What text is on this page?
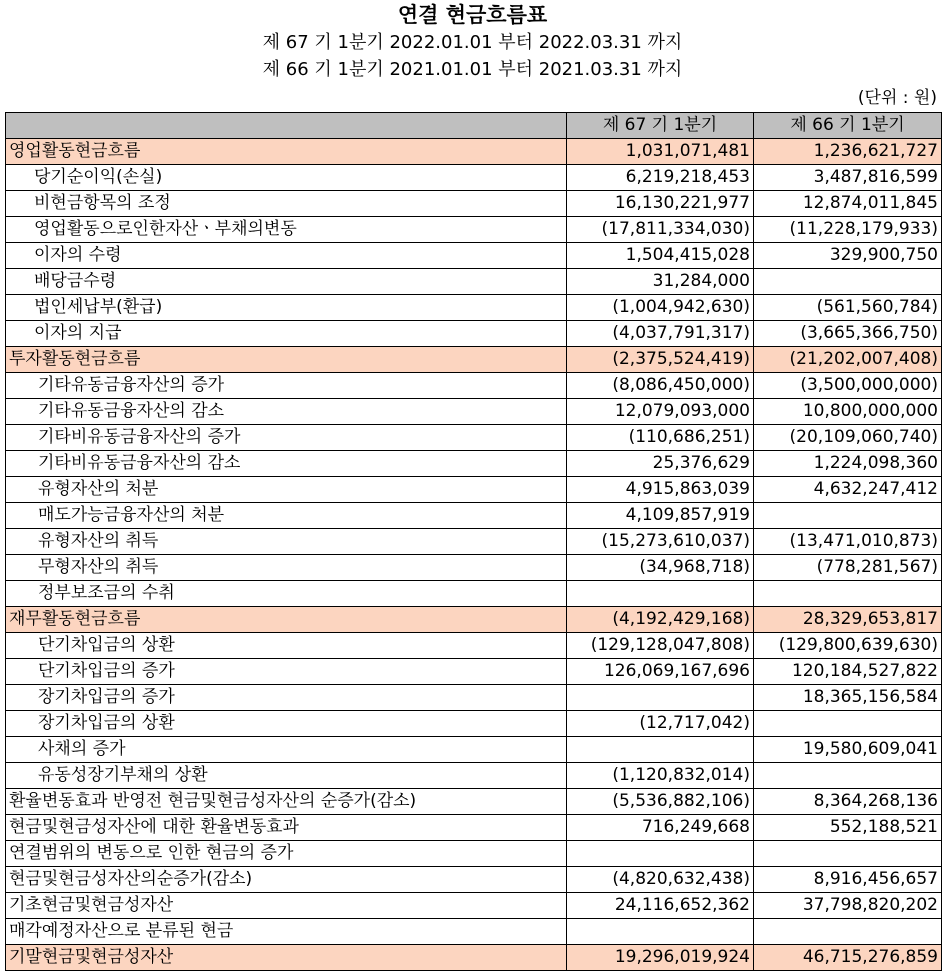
연결 현금흐름표
제 67 기 1분기 2022.01.01 부터 2022.03.31 까지
제 66 기 1분기 2021.01.01 부터 2021.03.31 까지
(단위 : 원)
	제 67 기 1분기	제 66 기 1분기
영업활동현금흐름	1,031,071,481	1,236,621,727
당기순이익(손실)	6,219,218,453	3,487,816,599
비현금항목의 조정	16,130,221,977	12,874,011,845
영업활동으로인한자산ㆍ부채의변동	(17,811,334,030)	(11,228,179,933)
이자의 수령	1,504,415,028	329,900,750
배당금수령	31,284,000	
법인세납부(환급)	(1,004,942,630)	(561,560,784)
이자의 지급	(4,037,791,317)	(3,665,366,750)
투자활동현금흐름	(2,375,524,419)	(21,202,007,408)
기타유동금융자산의 증가	(8,086,450,000)	(3,500,000,000)
기타유동금융자산의 감소	12,079,093,000	10,800,000,000
기타비유동금융자산의 증가	(110,686,251)	(20,109,060,740)
기타비유동금융자산의 감소	25,376,629	1,224,098,360
유형자산의 처분	4,915,863,039	4,632,247,412
매도가능금융자산의 처분	4,109,857,919	
유형자산의 취득	(15,273,610,037)	(13,471,010,873)
무형자산의 취득	(34,968,718)	(778,281,567)
정부보조금의 수취		
재무활동현금흐름	(4,192,429,168)	28,329,653,817
단기차입금의 상환	(129,128,047,808)	(129,800,639,630)
단기차입금의 증가	126,069,167,696	120,184,527,822
장기차입금의 증가		18,365,156,584
장기차입금의 상환	(12,717,042)	
사채의 증가		19,580,609,041
유동성장기부채의 상환	(1,120,832,014)	
환율변동효과 반영전 현금및현금성자산의 순증가(감소)	(5,536,882,106)	8,364,268,136
현금및현금성자산에 대한 환율변동효과	716,249,668	552,188,521
연결범위의 변동으로 인한 현금의 증가		
현금및현금성자산의순증가(감소)	(4,820,632,438)	8,916,456,657
기초현금및현금성자산	24,116,652,362	37,798,820,202
매각예정자산으로 분류된 현금		
기말현금및현금성자산	19,296,019,924	46,715,276,859
